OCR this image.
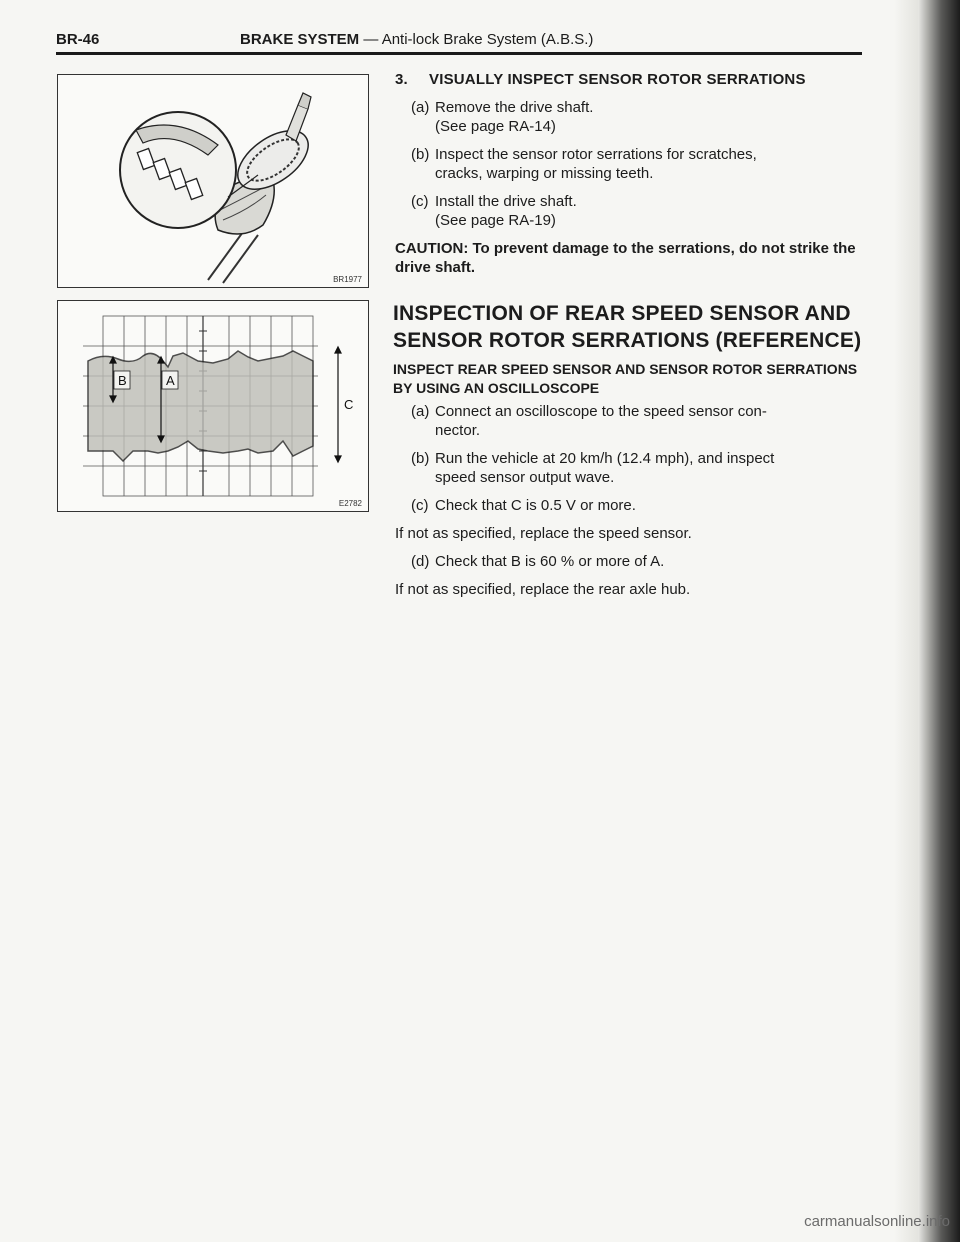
BR-46	BRAKE SYSTEM — Anti-lock Brake System (A.B.S.)
BR1977
B	A
C
E2782
3. VISUALLY INSPECT SENSOR ROTOR SERRATIONS
(a) Remove the drive shaft.
(See page RA-14)
(b) Inspect the sensor rotor serrations for scratches,
cracks, warping or missing teeth.
(c) Install the drive shaft.
(See page RA-19)
CAUTION: To prevent damage to the serrations, do not strike the drive shaft.
INSPECTION OF REAR SPEED SENSOR AND SENSOR ROTOR SERRATIONS (REFERENCE)
INSPECT REAR SPEED SENSOR AND SENSOR ROTOR SERRATIONS BY USING AN OSCILLOSCOPE
(a) Connect an oscilloscope to the speed sensor con-
nector.
(b) Run the vehicle at 20 km/h (12.4 mph), and inspect
speed sensor output wave.
(c) Check that C is 0.5 V or more.
If not as specified, replace the speed sensor.
(d) Check that B is 60 % or more of A.
If not as specified, replace the rear axle hub.
carmanualsonline.info
